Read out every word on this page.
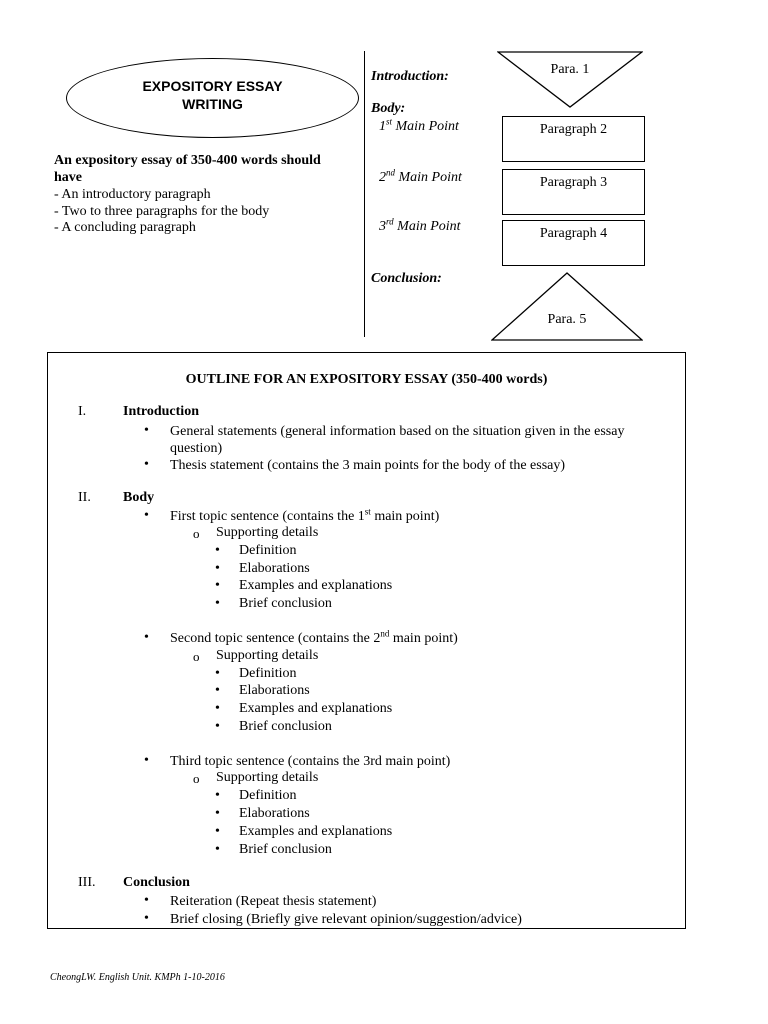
EXPOSITORY ESSAY
WRITING
An expository essay of 350-400 words should
have
- An introductory paragraph
- Two to three paragraphs for the body
- A concluding paragraph
Introduction:
Body:
1st Main Point
2nd Main Point
3rd Main Point
Conclusion:
Para. 1
Paragraph 2
Paragraph 3
Paragraph 4
Para. 5
OUTLINE FOR AN EXPOSITORY ESSAY (350-400 words)
I.	Introduction
• General statements (general information based on the situation given in the essay question)
• Thesis statement (contains the 3 main points for the body of the essay)
II. Body
• First topic sentence (contains the 1st main point)
o Supporting details
• Definition
• Elaborations
• Examples and explanations
• Brief conclusion
• Second topic sentence (contains the 2nd main point)
o Supporting details
• Definition
• Elaborations
• Examples and explanations
• Brief conclusion
• Third topic sentence (contains the 3rd main point)
o Supporting details
• Definition
• Elaborations
• Examples and explanations
• Brief conclusion
III. Conclusion
• Reiteration (Repeat thesis statement)
• Brief closing (Briefly give relevant opinion/suggestion/advice)
CheongLW. English Unit. KMPh 1-10-2016
